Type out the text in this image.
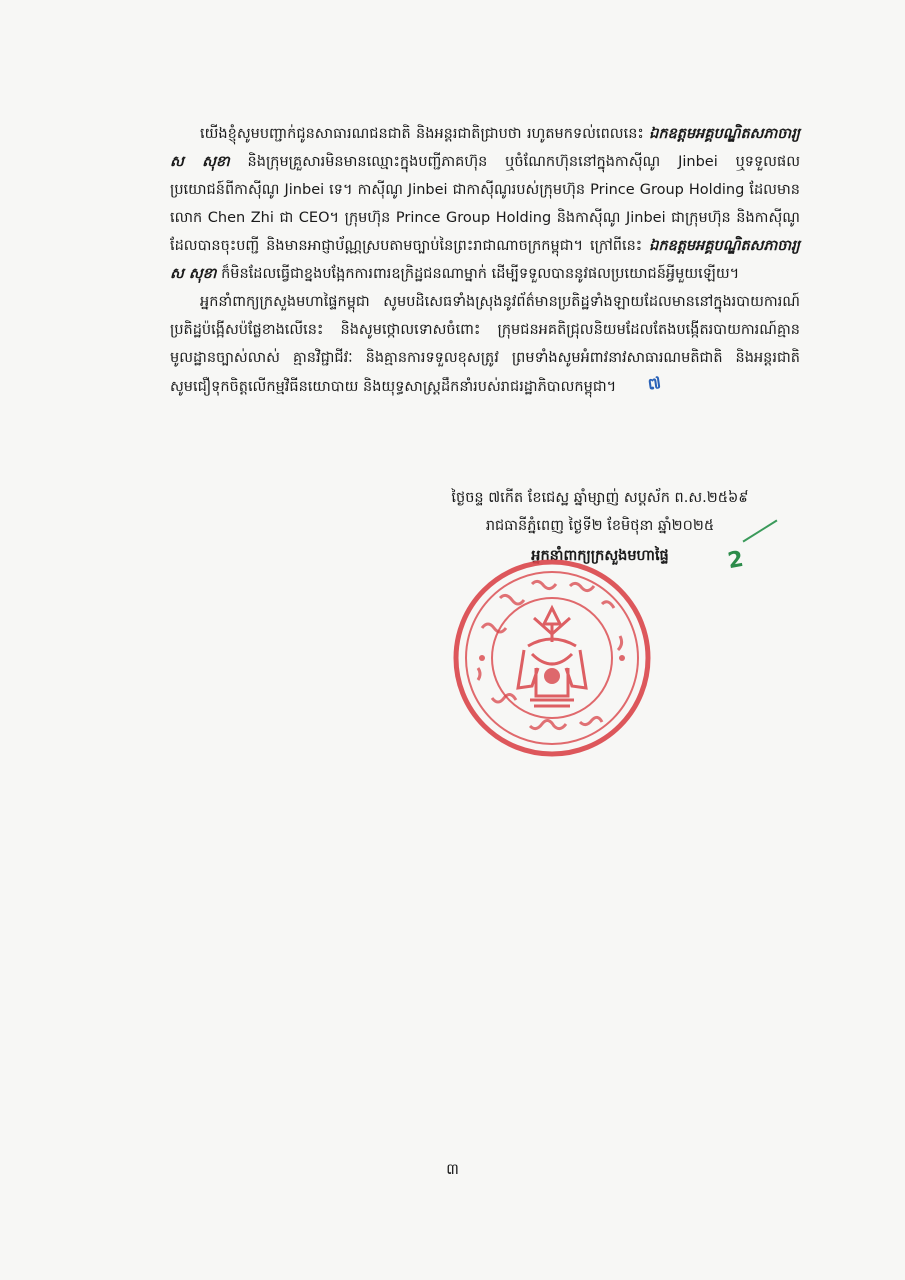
យើងខ្ញុំសូមបញ្ជាក់ជូនសាធារណជនជាតិ និងអន្តរជាតិជ្រាបថា រហូតមកទល់ពេលនេះ ឯកឧត្តមអគ្គបណ្ឌិតសភាចារ្យ ស សុខា និងក្រុមគ្រួសារមិនមានឈ្មោះក្នុងបញ្ជីភាគហ៊ុន ឬចំណែកហ៊ុននៅក្នុងកាស៊ីណូ Jinbei ឬទទួលផលប្រយោជន៍ពីកាស៊ីណូ Jinbei ទេ។ កាស៊ីណូ Jinbei ជាកាស៊ីណូរបស់ក្រុមហ៊ុន Prince Group Holding ដែលមានលោក Chen Zhi ជា CEO។ ក្រុមហ៊ុន Prince Group Holding និងកាស៊ីណូ Jinbei ជាក្រុមហ៊ុន និងកាស៊ីណូដែលបានចុះបញ្ជី និងមានអាជ្ញាប័ណ្ណស្របតាមច្បាប់នៃព្រះរាជាណាចក្រកម្ពុជា។ ក្រៅពីនេះ ឯកឧត្តមអគ្គបណ្ឌិតសភាចារ្យ ស សុខា ក៏មិនដែលធ្វើជាខ្នងបង្អែកការពារឧក្រិដ្ឋជនណាម្នាក់ ដើម្បីទទួលបាននូវផលប្រយោជន៍អ្វីមួយឡើយ។

អ្នកនាំពាក្យក្រសួងមហាផ្ទៃកម្ពុជា សូមបដិសេធទាំងស្រុងនូវព័ត៌មានប្រតិដ្ឋទាំងឡាយដែលមាននៅក្នុងរបាយការណ៍ប្រតិដ្ឋប៉ង្អើសប៉ផ្លែខាងលើនេះ និងសូមថ្កោលទោសចំពោះ ក្រុមជនអគតិជ្រុលនិយមដែលតែងបង្កើតរបាយការណ៍គ្មានមូលដ្ឋានច្បាស់លាស់ គ្មានវិជ្ជាជីវៈ និងគ្មានការទទួលខុសត្រូវ ព្រមទាំងសូមអំពាវនាវសាធារណមតិជាតិ និងអន្តរជាតិ សូមជឿទុកចិត្តលើកម្មវិធីនយោបាយ និងយុទ្ធសាស្ត្រដឹកនាំរបស់រាជរដ្ឋាភិបាលកម្ពុជា។ ៧

ថ្ងៃចន្ទ ៧កើត ខែជេស្ឋ ឆ្នាំម្សាញ់ សប្តស័ក ព.ស.២៥៦៩
រាជធានីភ្នំពេញ ថ្ងៃទី២ ខែមិថុនា ឆ្នាំ២០២៥
អ្នកនាំពាក្យក្រសួងមហាផ្ទៃ	2
៣
